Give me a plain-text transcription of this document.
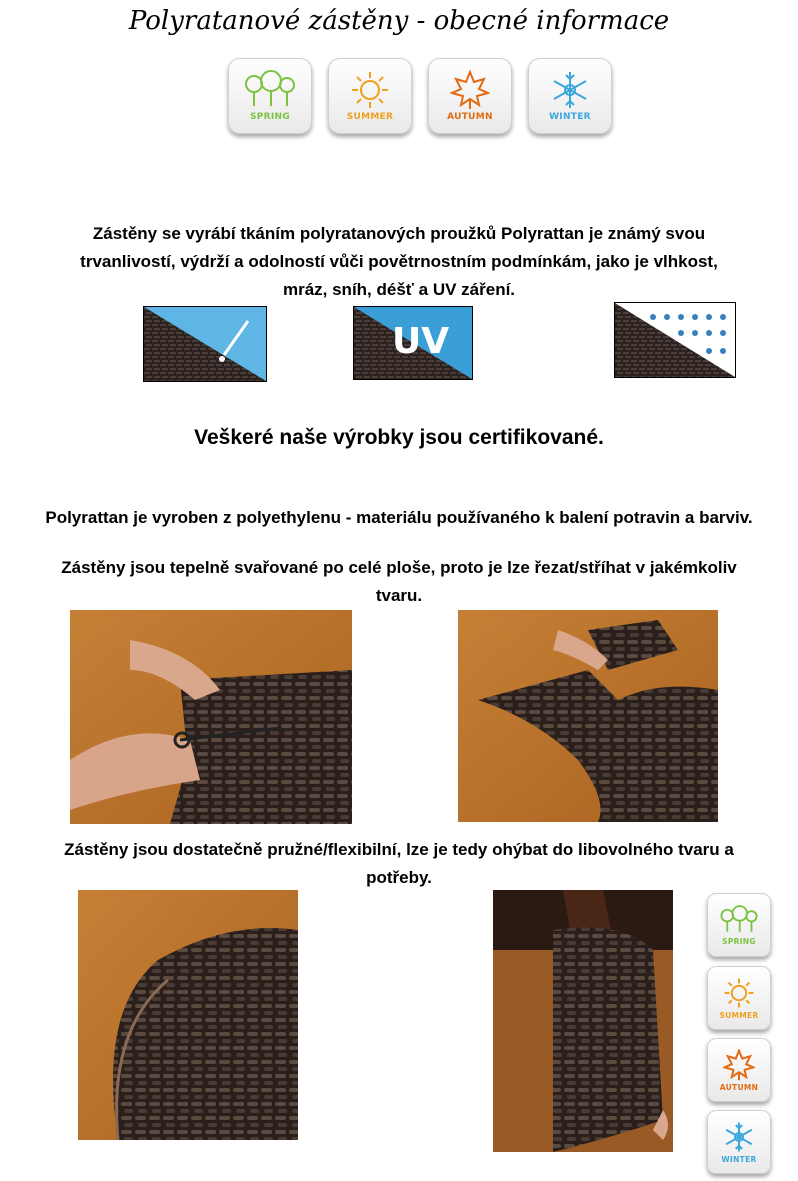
Polyratanové zástěny - obecné informace
SPRING	SUMMER	AUTUMN	WINTER
Zástěny se vyrábí tkáním polyratanových proužků Polyrattan je známý svou
trvanlivostí, výdrží a odolností vůči povětrnostním podmínkám, jako je vlhkost,
mráz, sníh, déšť a UV záření.
UV
Veškeré naše výrobky jsou certifikované.
Polyrattan je vyroben z polyethylenu - materiálu používaného k balení potravin a barviv.
Zástěny jsou tepelně svařované po celé ploše, proto je lze řezat/stříhat v jakémkoliv
tvaru.
Zástěny jsou dostatečně pružné/flexibilní, lze je tedy ohýbat do libovolného tvaru a
potřeby.
SPRING
SUMMER
AUTUMN
WINTER
